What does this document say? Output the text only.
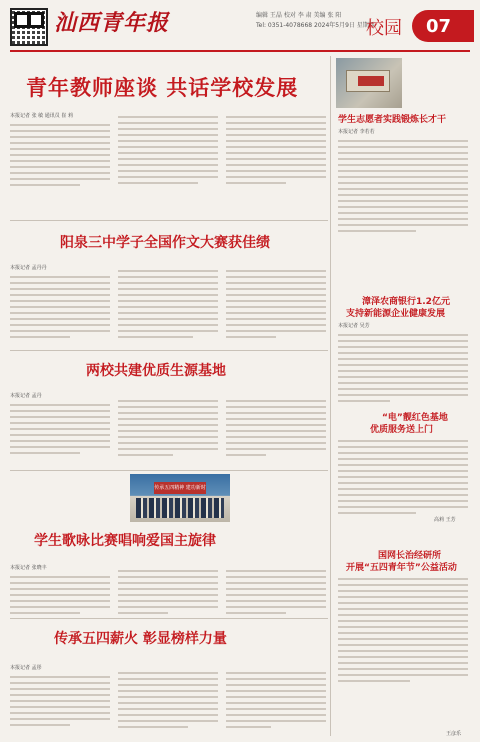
汕西青年报	编辑 王晶 校对 李 肃 美编 张 阳
Tel: 0351-4078668 2024年5月9日 星期四
校园	07
青年教师座谈 共话学校发展
本报记者 张 敏 通讯员 崔 莉
阳泉三中学子全国作文大赛获佳绩
本报记者 孟丹丹
两校共建优质生源基地
本报记者 孟丹
传承五四精神 建功新时
学生歌咏比赛唱响爱国主旋律
本报记者 张晓丰
传承五四薪火 彰显榜样力量
本报记者 孟彤
学生志愿者实践锻炼长才干
本报记者 李若若
漳泽农商银行1.2亿元
支持新能源企业健康发展
本报记者 吴芳
“电”靓红色基地
优质服务送上门
高莉 王芳
国网长治经研所
开展“五四青年节”公益活动
王彦乐
